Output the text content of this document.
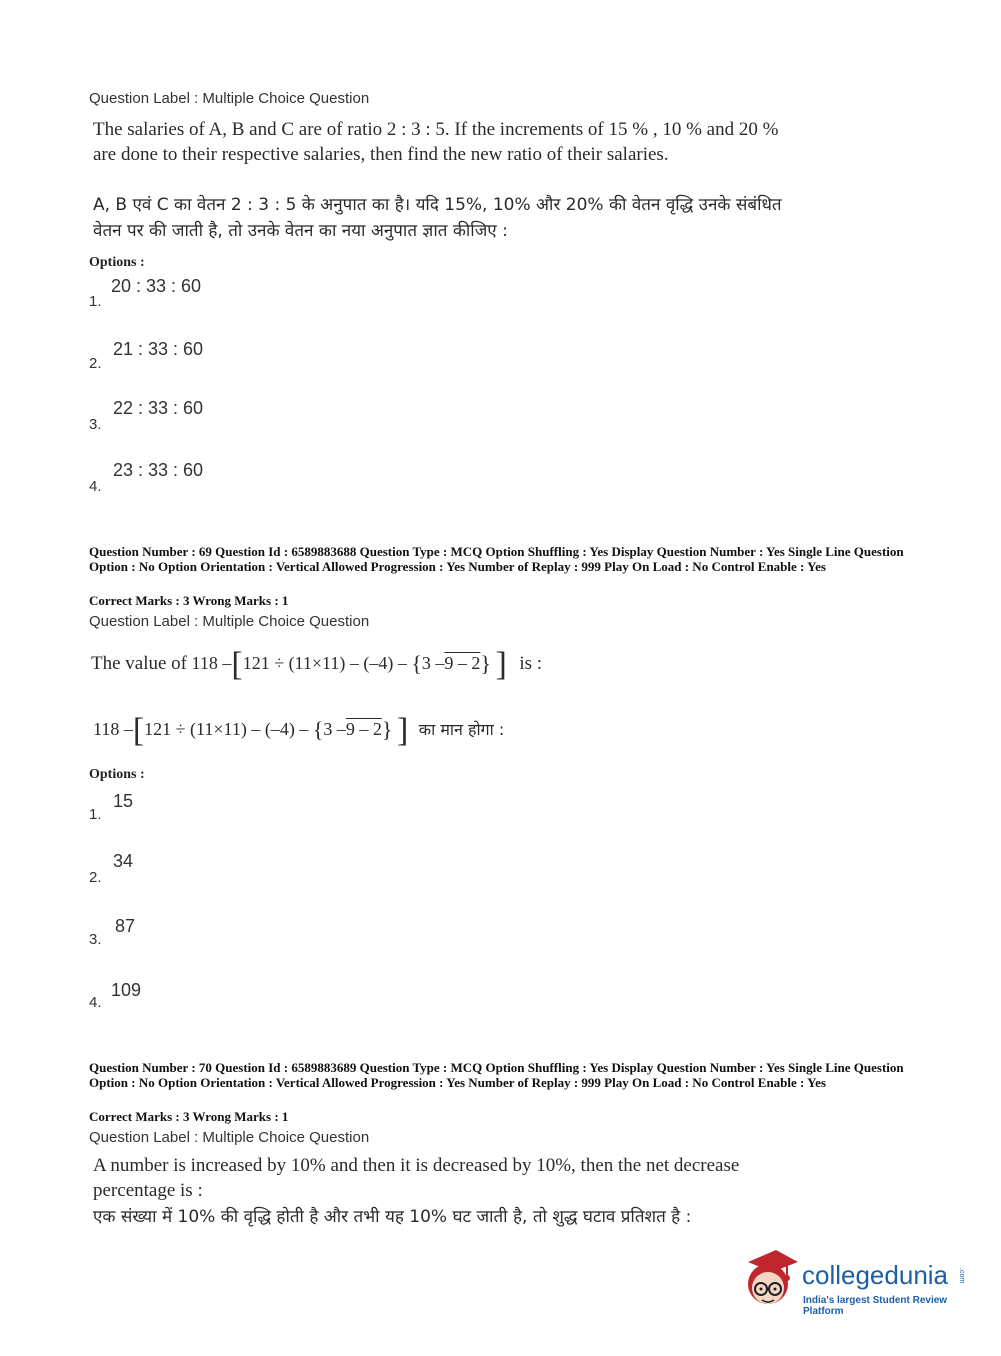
Question Label : Multiple Choice Question
The salaries of A, B and C are of ratio 2 : 3 : 5. If the increments of 15 % , 10 % and 20 % are done to their respective salaries, then find the new ratio of their salaries.
A, B एवं C का वेतन 2 : 3 : 5 के अनुपात का है। यदि 15%, 10% और 20% की वेतन वृद्धि उनके संबंधित वेतन पर की जाती है, तो उनके वेतन का नया अनुपात ज्ञात कीजिए :
Options :
1.
20 : 33 : 60
2.
21 : 33 : 60
3.
22 : 33 : 60
4.
23 : 33 : 60
Question Number : 69 Question Id : 6589883688 Question Type : MCQ Option Shuffling : Yes Display Question Number : Yes Single Line Question Option : No Option Orientation : Vertical Allowed Progression : Yes Number of Replay : 999 Play On Load : No Control Enable : Yes
Correct Marks : 3 Wrong Marks : 1
Question Label : Multiple Choice Question
The value of 118 –[121 ÷ (11×11) – (–4) – {3 –9 – 2} ] is :
118 –[121 ÷ (11×11) – (–4) – {3 –9 – 2} ] का मान होगा :
Options :
1.
15
2.
34
3.
87
4.
109
Question Number : 70 Question Id : 6589883689 Question Type : MCQ Option Shuffling : Yes Display Question Number : Yes Single Line Question Option : No Option Orientation : Vertical Allowed Progression : Yes Number of Replay : 999 Play On Load : No Control Enable : Yes
Correct Marks : 3 Wrong Marks : 1
Question Label : Multiple Choice Question
A number is increased by 10% and then it is decreased by 10%, then the net decrease percentage is :
एक संख्या में 10% की वृद्धि होती है और तभी यह 10% घट जाती है, तो शुद्ध घटाव प्रतिशत है :
collegedunia .com
India's largest Student Review Platform
